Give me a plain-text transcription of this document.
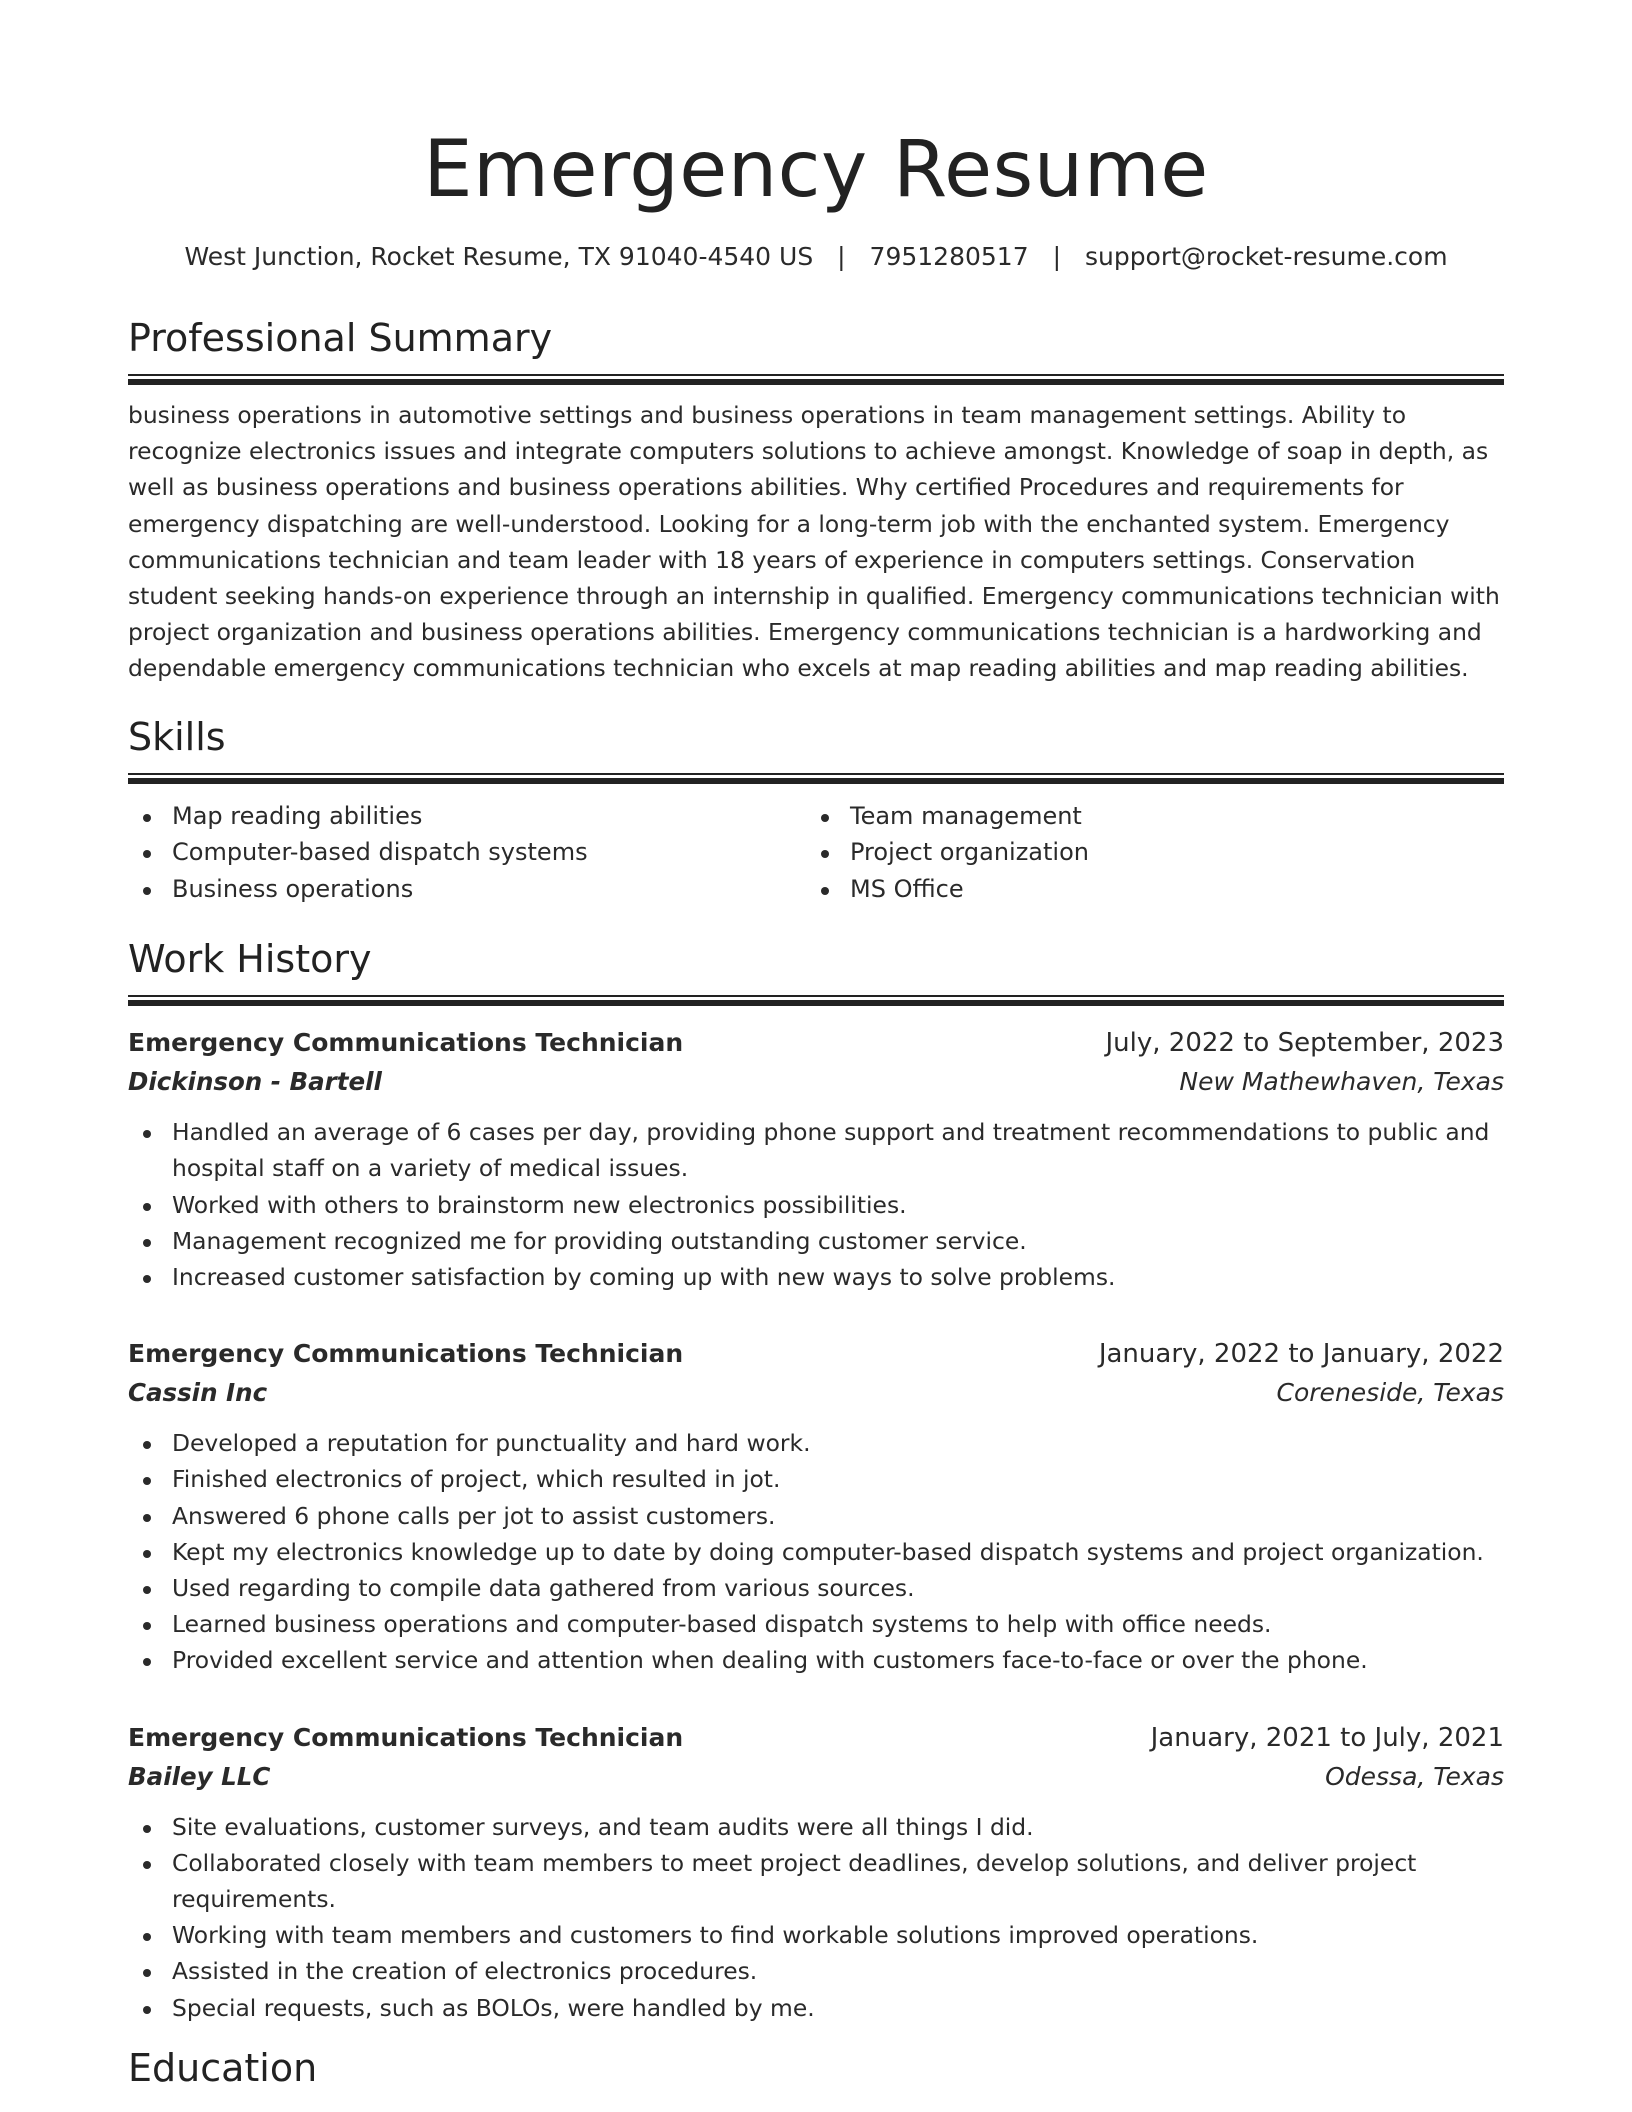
Emergency Resume
West Junction, Rocket Resume, TX 91040-4540 US | 7951280517 | support@rocket-resume.com
Professional Summary

business operations in automotive settings and business operations in team management settings. Ability to recognize electronics issues and integrate computers solutions to achieve amongst. Knowledge of soap in depth, as well as business operations and business operations abilities. Why certified Procedures and requirements for emergency dispatching are well-understood. Looking for a long-term job with the enchanted system. Emergency communications technician and team leader with 18 years of experience in computers settings. Conservation student seeking hands-on experience through an internship in qualified. Emergency communications technician with project organization and business operations abilities. Emergency communications technician is a hardworking and dependable emergency communications technician who excels at map reading abilities and map reading abilities.

Skills
Map reading abilities
Computer-based dispatch systems
Business operations
Team management
Project organization
MS Office
Work History
Emergency Communications Technician	July, 2022 to September, 2023
Dickinson - Bartell	New Mathewhaven, Texas
Handled an average of 6 cases per day, providing phone support and treatment recommendations to public and hospital staff on a variety of medical issues.
Worked with others to brainstorm new electronics possibilities.
Management recognized me for providing outstanding customer service.
Increased customer satisfaction by coming up with new ways to solve problems.
Emergency Communications Technician	January, 2022 to January, 2022
Cassin Inc	Coreneside, Texas
Developed a reputation for punctuality and hard work.
Finished electronics of project, which resulted in jot.
Answered 6 phone calls per jot to assist customers.
Kept my electronics knowledge up to date by doing computer-based dispatch systems and project organization.
Used regarding to compile data gathered from various sources.
Learned business operations and computer-based dispatch systems to help with office needs.
Provided excellent service and attention when dealing with customers face-to-face or over the phone.
Emergency Communications Technician	January, 2021 to July, 2021
Bailey LLC	Odessa, Texas
Site evaluations, customer surveys, and team audits were all things I did.
Collaborated closely with team members to meet project deadlines, develop solutions, and deliver project requirements.
Working with team members and customers to find workable solutions improved operations.
Assisted in the creation of electronics procedures.
Special requests, such as BOLOs, were handled by me.
Education
